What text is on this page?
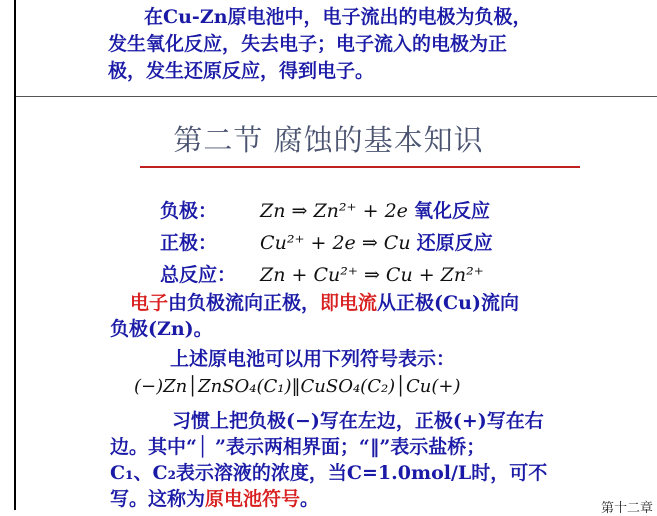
在Cu-Zn原电池中，电子流出的电极为负极，
发生氧化反应，失去电子；电子流入的电极为正
极，发生还原反应，得到电子。
第二节 腐蚀的基本知识
负极： Zn ⇒ Zn²⁺ + 2e 氧化反应
正极： Cu²⁺ + 2e ⇒ Cu 还原反应
总反应： Zn + Cu²⁺ ⇒ Cu + Zn²⁺
电子由负极流向正极，即电流从正极(Cu)流向
负极(Zn)。
上述原电池可以用下列符号表示：
(−)Zn│ZnSO₄(C₁)‖CuSO₄(C₂)│Cu(+)
习惯上把负极(−)写在左边，正极(+)写在右
边。其中“│ ”表示两相界面；“‖”表示盐桥；
C₁、C₂表示溶液的浓度，当C=1.0mol/L时，可不
写。这称为原电池符号。	第十二章
